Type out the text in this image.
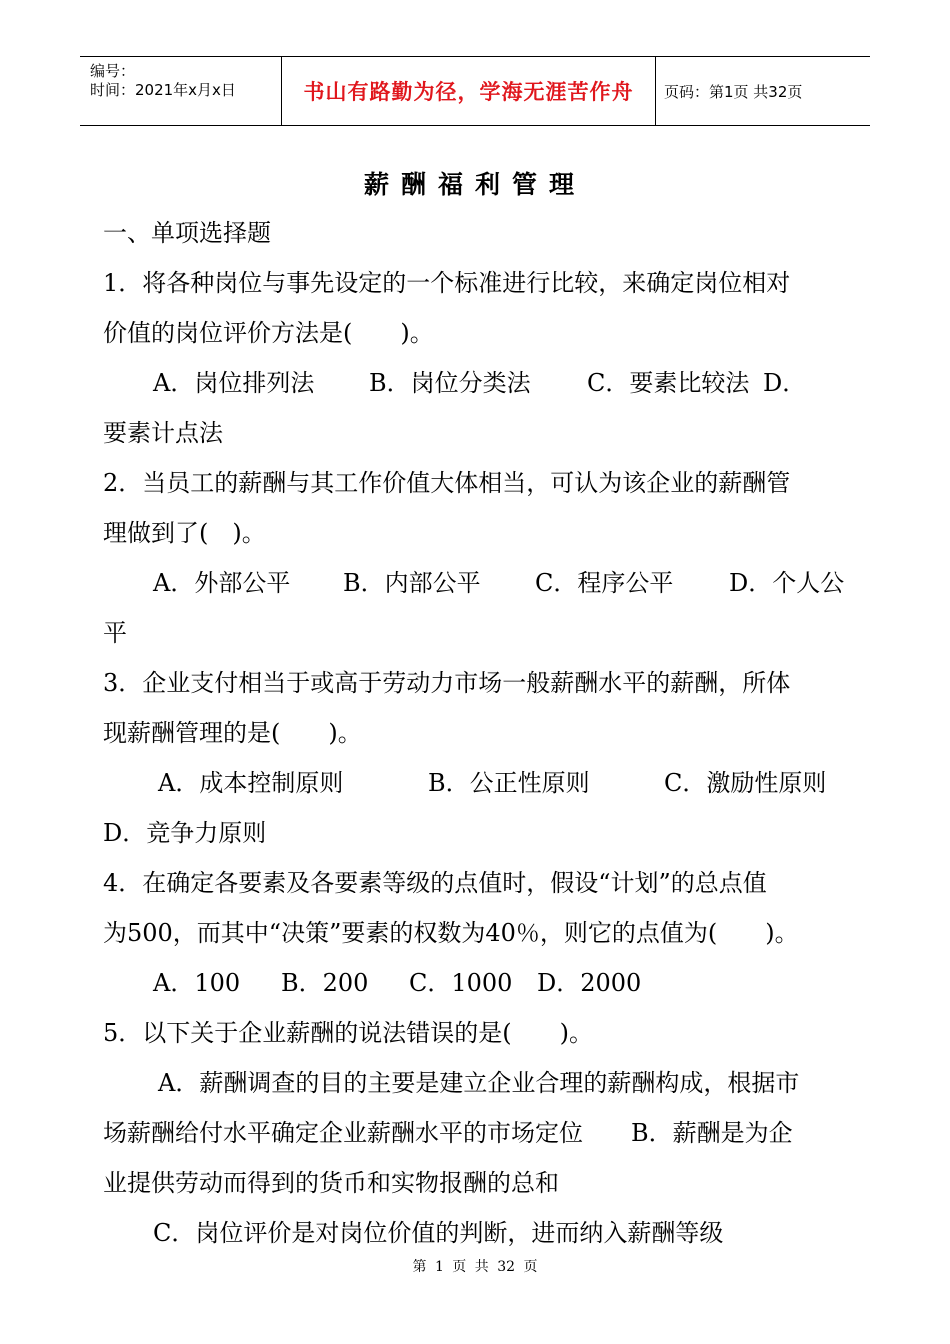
编号：
时间：2021年x月x日	书山有路勤为径，学海无涯苦作舟 页码：第1页 共32页
薪酬福利管理
一、单项选择题
1．将各种岗位与事先设定的一个标准进行比较，来确定岗位相对
价值的岗位评价方法是(　　)。
A．岗位排列法 B．岗位分类法 C．要素比较法 D．
要素计点法
2．当员工的薪酬与其工作价值大体相当，可认为该企业的薪酬管
理做到了(　)。
A．外部公平 B．内部公平 C．程序公平 D．个人公
平
3．企业支付相当于或高于劳动力市场一般薪酬水平的薪酬，所体
现薪酬管理的是(　　)。
A．成本控制原则	B．公正性原则	C．激励性原则
D．竞争力原则
4．在确定各要素及各要素等级的点值时，假设“计划”的总点值
为500，而其中“决策”要素的权数为40％，则它的点值为(　　)。
A．100 B．200 C．1000 D．2000
5．以下关于企业薪酬的说法错误的是(　　)。
A．薪酬调查的目的主要是建立企业合理的薪酬构成，根据市
场薪酬给付水平确定企业薪酬水平的市场定位　　B．薪酬是为企
业提供劳动而得到的货币和实物报酬的总和
C．岗位评价是对岗位价值的判断，进而纳入薪酬等级
第 1 页 共 32 页
